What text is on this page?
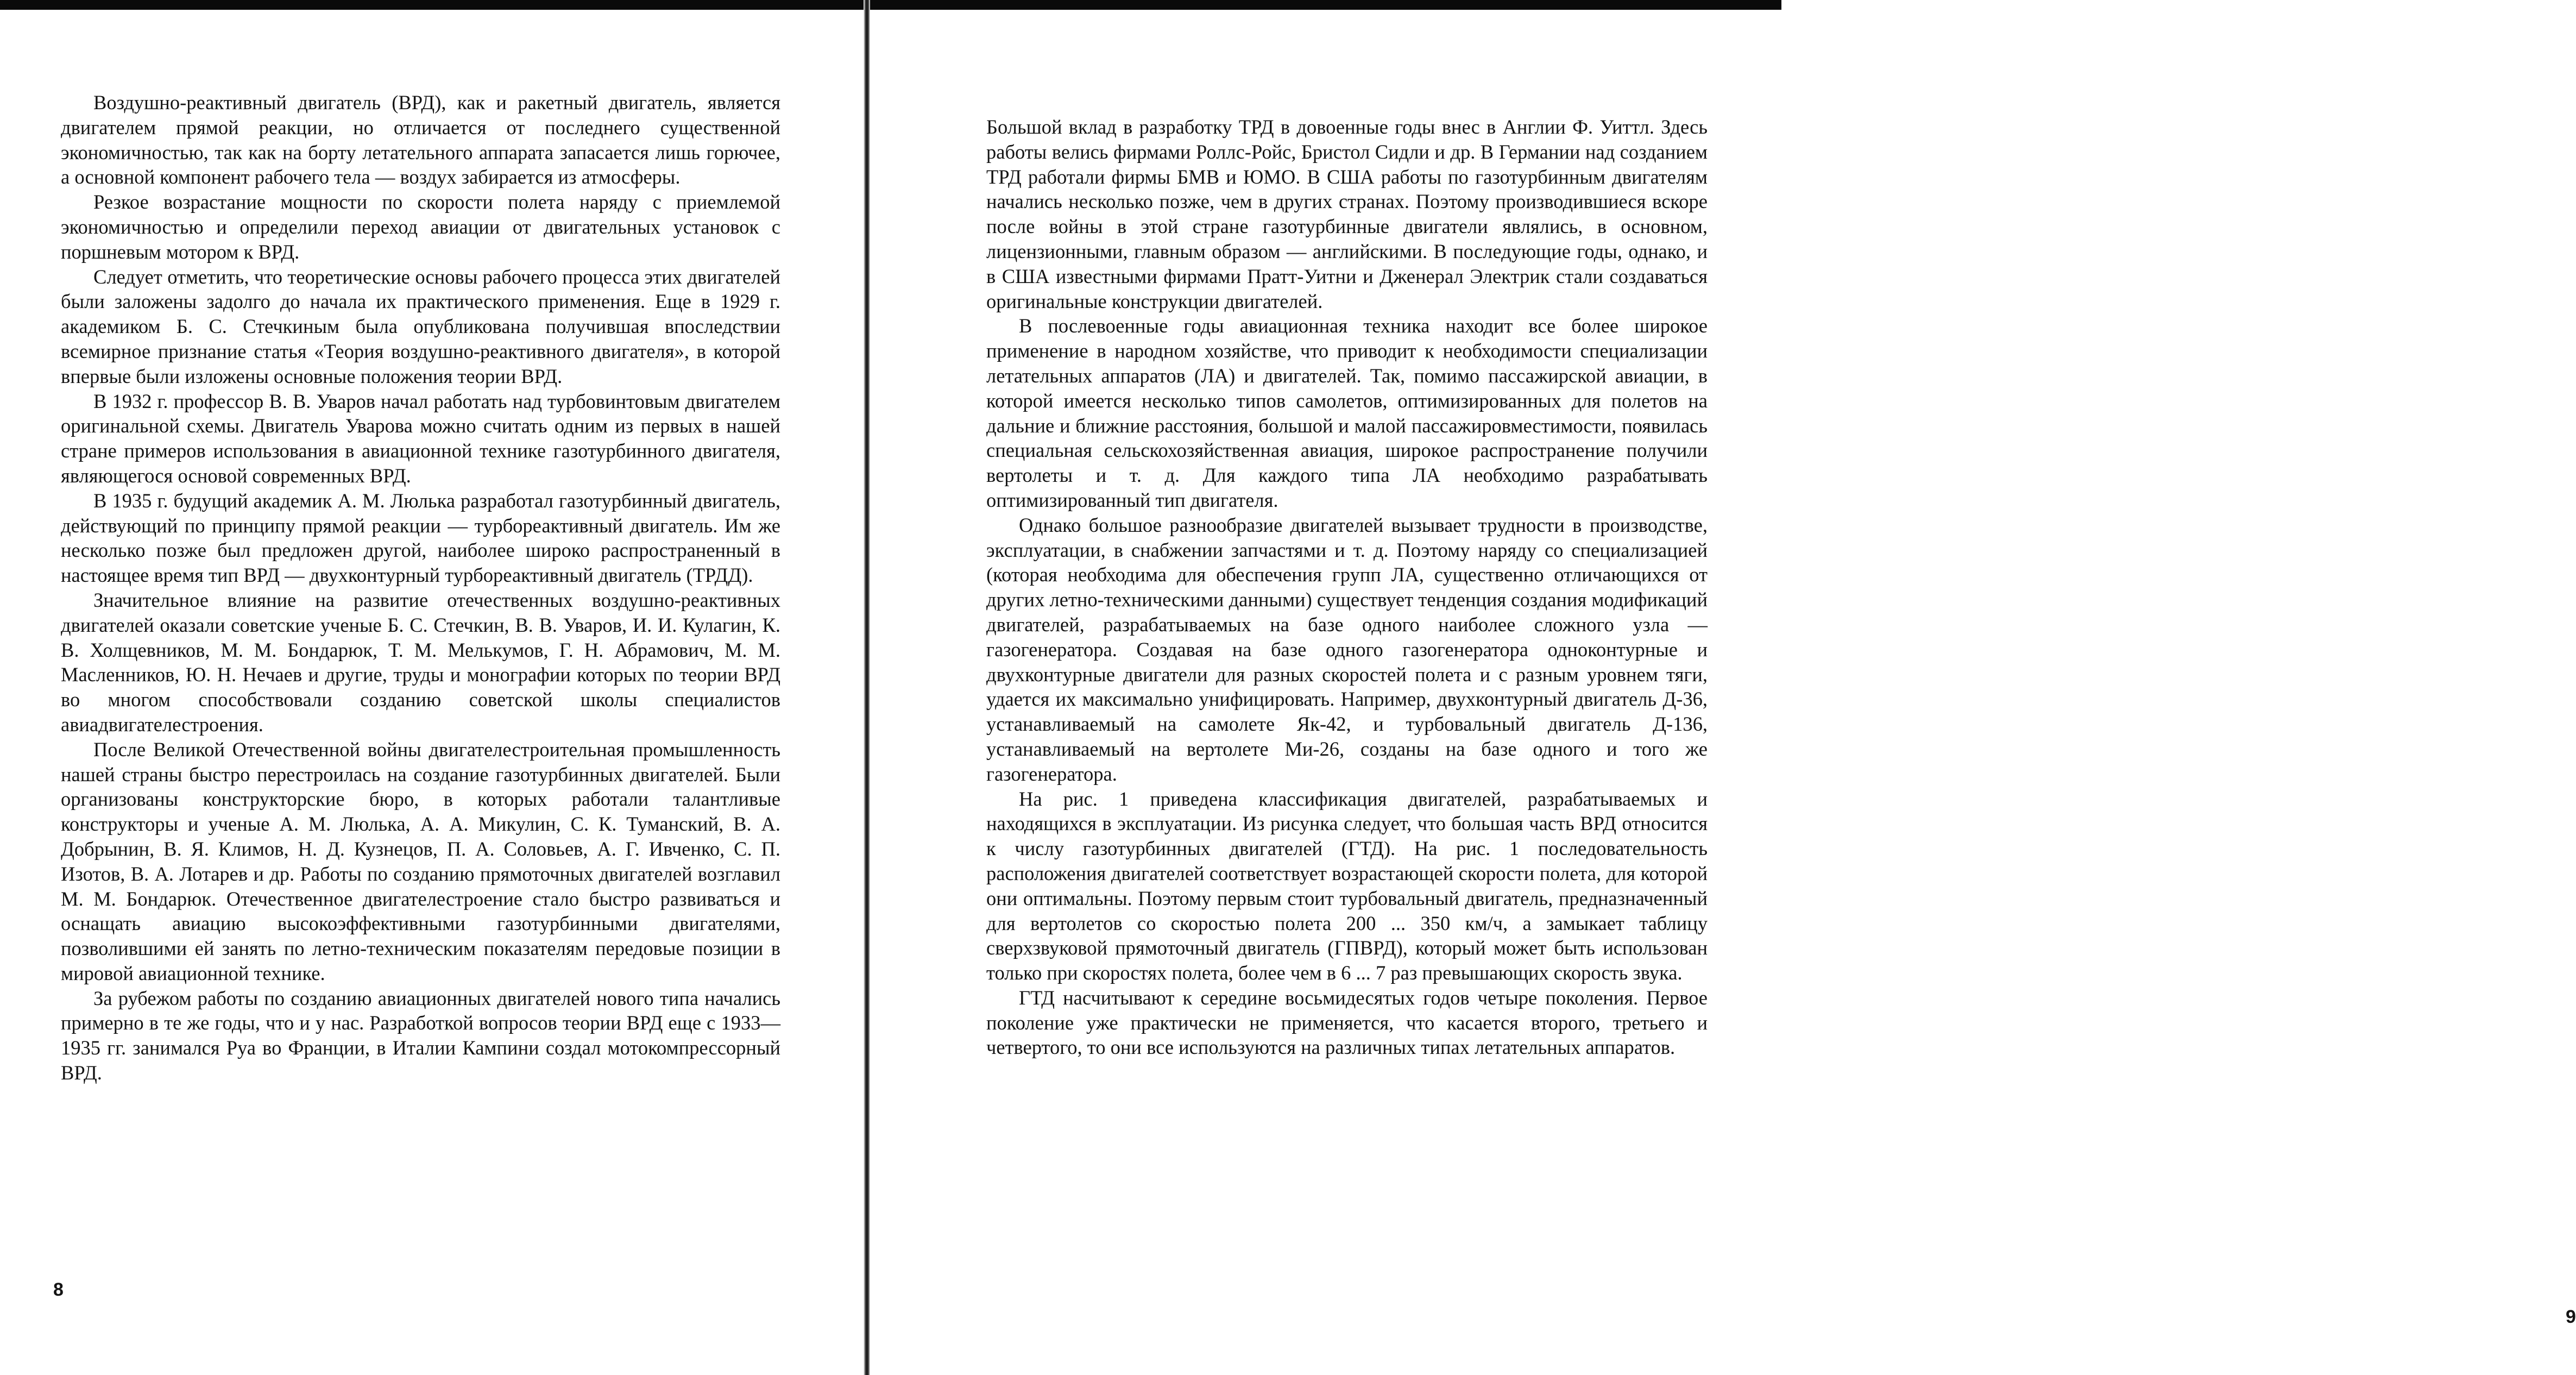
Воздушно-реактивный двигатель (ВРД), как и ракетный двигатель, является двигателем прямой реакции, но отличается от последнего существенной экономичностью, так как на борту летательного аппарата запасается лишь горючее, а основной компонент рабочего тела — воздух забирается из атмосферы.

Резкое возрастание мощности по скорости полета наряду с приемлемой экономичностью и определили переход авиации от двигательных установок с поршневым мотором к ВРД.

Следует отметить, что теоретические основы рабочего процесса этих двигателей были заложены задолго до начала их практического применения. Еще в 1929 г. академиком Б. С. Стечкиным была опубликована получившая впоследствии всемирное признание статья «Теория воздушно-реактивного двигателя», в которой впервые были изложены основные положения теории ВРД.

В 1932 г. профессор В. В. Уваров начал работать над турбовинтовым двигателем оригинальной схемы. Двигатель Уварова можно считать одним из первых в нашей стране примеров использования в авиационной технике газотурбинного двигателя, являющегося основой современных ВРД.

В 1935 г. будущий академик А. М. Люлька разработал газотурбинный двигатель, действующий по принципу прямой реакции — турбореактивный двигатель. Им же несколько позже был предложен другой, наиболее широко распространенный в настоящее время тип ВРД — двухконтурный турбореактивный двигатель (ТРДД).

Значительное влияние на развитие отечественных воздушно-реактивных двигателей оказали советские ученые Б. С. Стечкин, В. В. Уваров, И. И. Кулагин, К. В. Холщевников, М. М. Бондарюк, Т. М. Мелькумов, Г. Н. Абрамович, М. М. Масленников, Ю. Н. Нечаев и другие, труды и монографии которых по теории ВРД во многом способствовали созданию советской школы специалистов авиадвигателестроения.

После Великой Отечественной войны двигателестроительная промышленность нашей страны быстро перестроилась на создание газотурбинных двигателей. Были организованы конструкторские бюро, в которых работали талантливые конструкторы и ученые А. М. Люлька, А. А. Микулин, С. К. Туманский, В. А. Добрынин, В. Я. Климов, Н. Д. Кузнецов, П. А. Соловьев, А. Г. Ивченко, С. П. Изотов, В. А. Лотарев и др. Работы по созданию прямоточных двигателей возглавил М. М. Бондарюк. Отечественное двигателестроение стало быстро развиваться и оснащать авиацию высокоэффективными газотурбинными двигателями, позволившими ей занять по летно-техническим показателям передовые позиции в мировой авиационной технике.

За рубежом работы по созданию авиационных двигателей нового типа начались примерно в те же годы, что и у нас. Разработкой вопросов теории ВРД еще с 1933—1935 гг. занимался Руа во Франции, в Италии Кампини создал мотокомпрессорный ВРД.

8

Большой вклад в разработку ТРД в довоенные годы внес в Англии Ф. Уиттл. Здесь работы велись фирмами Роллс-Ройс, Бристол Сидли и др. В Германии над созданием ТРД работали фирмы БМВ и ЮМО. В США работы по газотурбинным двигателям начались несколько позже, чем в других странах. Поэтому производившиеся вскоре после войны в этой стране газотурбинные двигатели являлись, в основном, лицензионными, главным образом — английскими. В последующие годы, однако, и в США известными фирмами Пратт-Уитни и Дженерал Электрик стали создаваться оригинальные конструкции двигателей.

В послевоенные годы авиационная техника находит все более широкое применение в народном хозяйстве, что приводит к необходимости специализации летательных аппаратов (ЛА) и двигателей. Так, помимо пассажирской авиации, в которой имеется несколько типов самолетов, оптимизированных для полетов на дальние и ближние расстояния, большой и малой пассажировместимости, появилась специальная сельскохозяйственная авиация, широкое распространение получили вертолеты и т. д. Для каждого типа ЛА необходимо разрабатывать оптимизированный тип двигателя.

Однако большое разнообразие двигателей вызывает трудности в производстве, эксплуатации, в снабжении запчастями и т. д. Поэтому наряду со специализацией (которая необходима для обеспечения групп ЛА, существенно отличающихся от других летно-техническими данными) существует тенденция создания модификаций двигателей, разрабатываемых на базе одного наиболее сложного узла — газогенератора. Создавая на базе одного газогенератора одноконтурные и двухконтурные двигатели для разных скоростей полета и с разным уровнем тяги, удается их максимально унифицировать. Например, двухконтурный двигатель Д-36, устанавливаемый на самолете Як-42, и турбовальный двигатель Д-136, устанавливаемый на вертолете Ми-26, созданы на базе одного и того же газогенератора.

На рис. 1 приведена классификация двигателей, разрабатываемых и находящихся в эксплуатации. Из рисунка следует, что большая часть ВРД относится к числу газотурбинных двигателей (ГТД). На рис. 1 последовательность расположения двигателей соответствует возрастающей скорости полета, для которой они оптимальны. Поэтому первым стоит турбовальный двигатель, предназначенный для вертолетов со скоростью полета 200 ... 350 км/ч, а замыкает таблицу сверхзвуковой прямоточный двигатель (ГПВРД), который может быть использован только при скоростях полета, более чем в 6 ... 7 раз превышающих скорость звука.

ГТД насчитывают к середине восьмидесятых годов четыре поколения. Первое поколение уже практически не применяется, что касается второго, третьего и четвертого, то они все используются на различных типах летательных аппаратов.

9
